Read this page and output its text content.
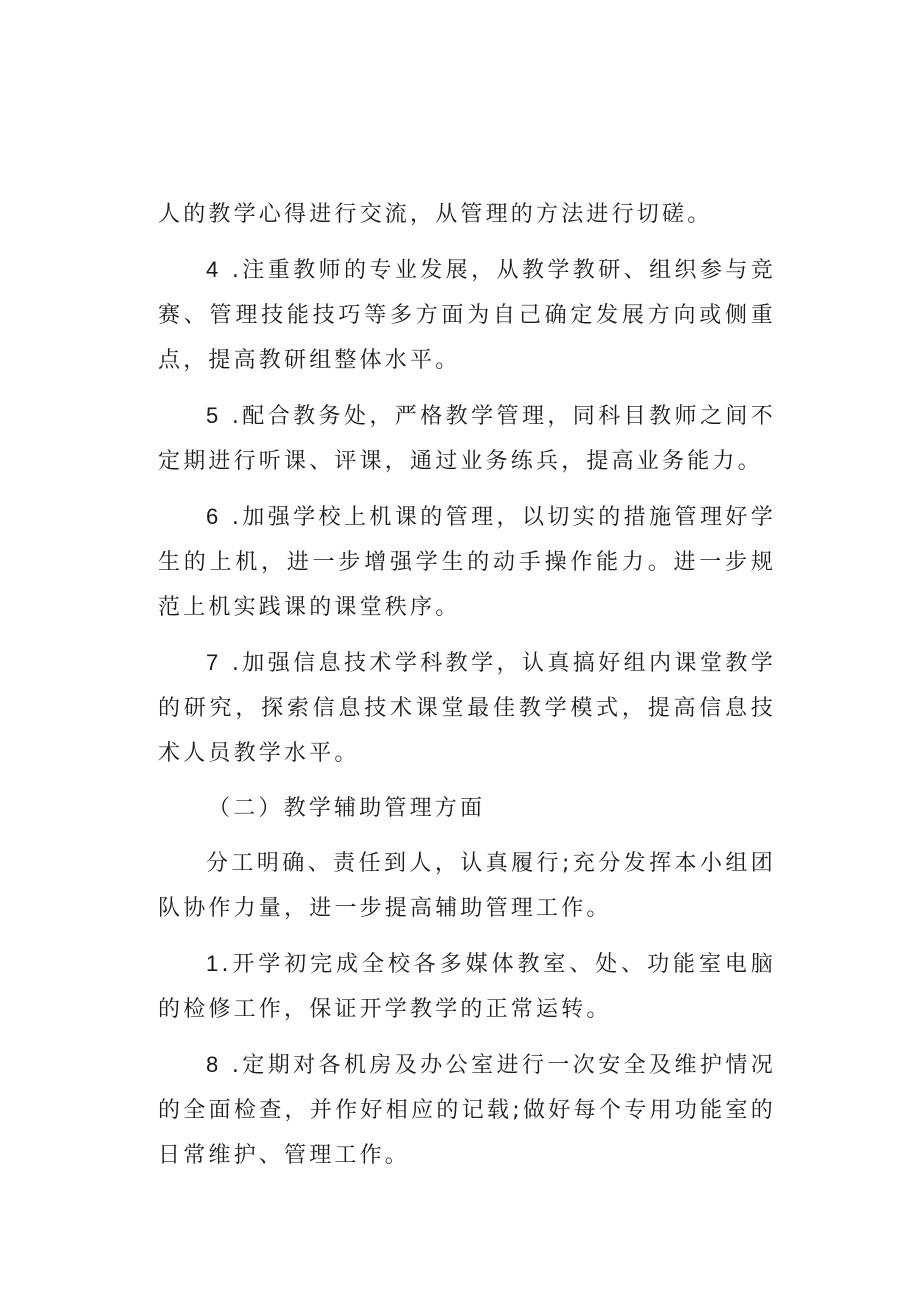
人的教学心得进行交流，从管理的方法进行切磋。

4 .注重教师的专业发展，从教学教研、组织参与竞赛、管理技能技巧等多方面为自己确定发展方向或侧重点，提高教研组整体水平。

5 .配合教务处，严格教学管理，同科目教师之间不定期进行听课、评课，通过业务练兵，提高业务能力。

6 .加强学校上机课的管理，以切实的措施管理好学生的上机，进一步增强学生的动手操作能力。进一步规范上机实践课的课堂秩序。

7 .加强信息技术学科教学，认真搞好组内课堂教学的研究，探索信息技术课堂最佳教学模式，提高信息技术人员教学水平。

（二）教学辅助管理方面

分工明确、责任到人，认真履行;充分发挥本小组团队协作力量，进一步提高辅助管理工作。

1.开学初完成全校各多媒体教室、处、功能室电脑的检修工作，保证开学教学的正常运转。

8 .定期对各机房及办公室进行一次安全及维护情况的全面检查，并作好相应的记载;做好每个专用功能室的日常维护、管理工作。
